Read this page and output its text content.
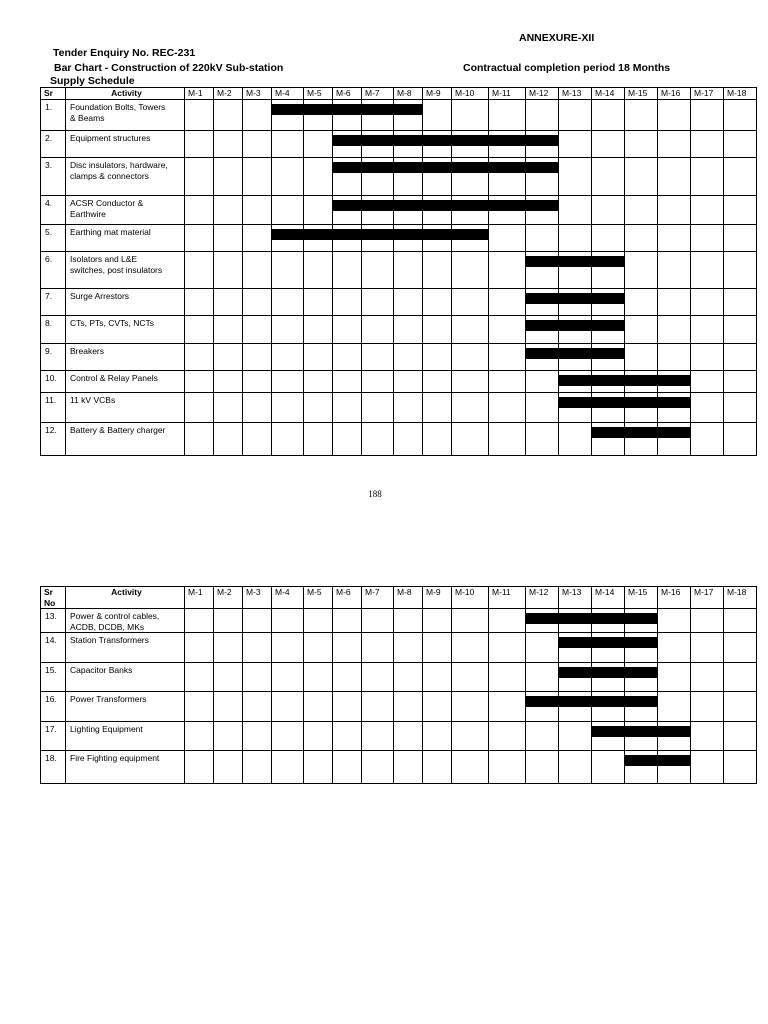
ANNEXURE-XII
Tender Enquiry No. REC-231
Bar Chart - Construction of 220kV Sub-station	Contractual completion period 18 Months
Supply Schedule
Sr	Activity	M-1	M-2	M-3	M-4	M-5	M-6	M-7	M-8	M-9	M-10	M-11	M-12	M-13	M-14	M-15	M-16	M-17	M-18
1.	Foundation Bolts, Towers
& Beams																		

2.	Equipment structures																		

3.	Disc insulators, hardware,
clamps & connectors																		

4.	ACSR Conductor &
Earthwire																		

5.	Earthing mat material																		

6.	Isolators and L&E
switches, post insulators																		

7.	Surge Arrestors																		

8.	CTs, PTs, CVTs, NCTs																		

9.	Breakers																		

10.	Control & Relay Panels																		

11.	11 kV VCBs																		

12.	Battery & Battery charger																		

188
Sr No	Activity	M-1	M-2	M-3	M-4	M-5	M-6	M-7	M-8	M-9	M-10	M-11	M-12	M-13	M-14	M-15	M-16	M-17	M-18
13.	Power & control cables,
ACDB, DCDB, MKs																		

14.	Station Transformers																		

15.	Capacitor Banks																		

16.	Power Transformers																		

17.	Lighting Equipment																		

18.	Fire Fighting equipment																		
